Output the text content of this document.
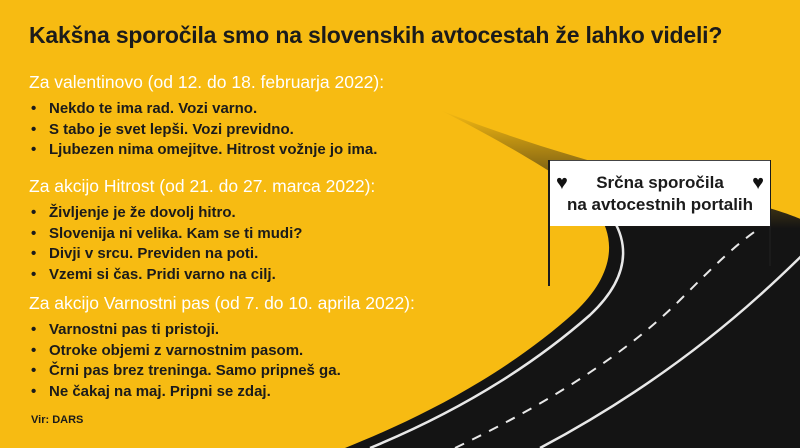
Kakšna sporočila smo na slovenskih avtocestah že lahko videli?
Za valentinovo (od 12. do 18. februarja 2022):
• Nekdo te ima rad. Vozi varno.
• S tabo je svet lepši. Vozi previdno.
• Ljubezen nima omejitve. Hitrost vožnje jo ima.
Za akcijo Hitrost (od 21. do 27. marca 2022):
• Življenje je že dovolj hitro.
• Slovenija ni velika. Kam se ti mudi?
• Divji v srcu. Previden na poti.
• Vzemi si čas. Pridi varno na cilj.
Za akcijo Varnostni pas (od 7. do 10. aprila 2022):
• Varnostni pas ti pristoji.
• Otroke objemi z varnostnim pasom.
• Črni pas brez treninga. Samo pripneš ga.
• Ne čakaj na maj. Pripni se zdaj.
♥	♥
Srčna sporočila
na avtocestnih portalih
Vir: DARS
